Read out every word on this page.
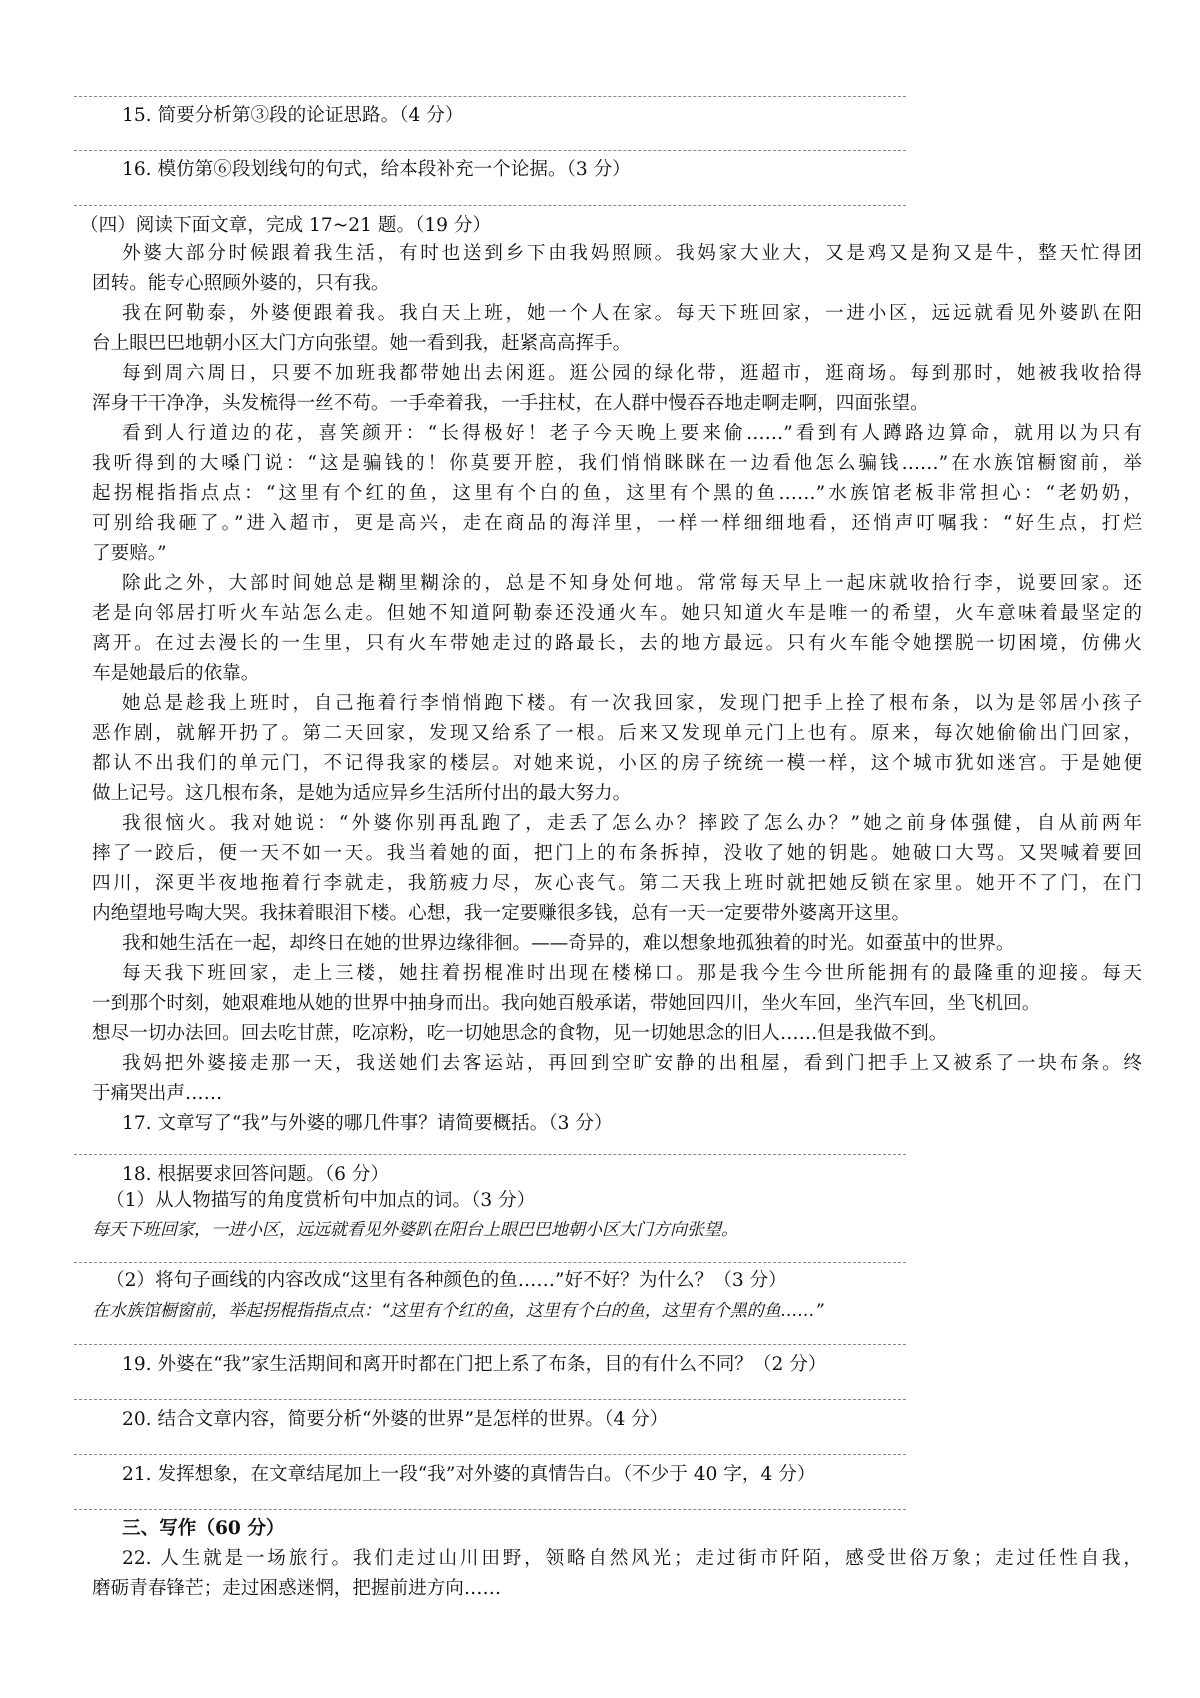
15. 简要分析第③段的论证思路。（4 分）
16. 模仿第⑥段划线句的句式，给本段补充一个论据。（3 分）
（四）阅读下面文章，完成 17~21 题。（19 分）
外婆大部分时候跟着我生活，有时也送到乡下由我妈照顾。我妈家大业大，又是鸡又是狗又是牛，整天忙得团
团转。能专心照顾外婆的，只有我。
我在阿勒泰，外婆便跟着我。我白天上班，她一个人在家。每天下班回家，一进小区，远远就看见外婆趴在阳
台上眼巴巴地朝小区大门方向张望。她一看到我，赶紧高高挥手。
每到周六周日，只要不加班我都带她出去闲逛。逛公园的绿化带，逛超市，逛商场。每到那时，她被我收拾得
浑身干干净净，头发梳得一丝不苟。一手牵着我，一手拄杖，在人群中慢吞吞地走啊走啊，四面张望。
看到人行道边的花，喜笑颜开：“长得极好！老子今天晚上要来偷……”看到有人蹲路边算命，就用以为只有
我听得到的大嗓门说：“这是骗钱的！你莫要开腔，我们悄悄眯眯在一边看他怎么骗钱……”在水族馆橱窗前，举
起拐棍指指点点：“这里有个红的鱼，这里有个白的鱼，这里有个黑的鱼……”水族馆老板非常担心：“老奶奶，
可别给我砸了。”进入超市，更是高兴，走在商品的海洋里，一样一样细细地看，还悄声叮嘱我：“好生点，打烂
了要赔。”
除此之外，大部时间她总是糊里糊涂的，总是不知身处何地。常常每天早上一起床就收拾行李，说要回家。还
老是向邻居打听火车站怎么走。但她不知道阿勒泰还没通火车。她只知道火车是唯一的希望，火车意味着最坚定的
离开。在过去漫长的一生里，只有火车带她走过的路最长，去的地方最远。只有火车能令她摆脱一切困境，仿佛火
车是她最后的依靠。
她总是趁我上班时，自己拖着行李悄悄跑下楼。有一次我回家，发现门把手上拴了根布条，以为是邻居小孩子
恶作剧，就解开扔了。第二天回家，发现又给系了一根。后来又发现单元门上也有。原来，每次她偷偷出门回家，
都认不出我们的单元门，不记得我家的楼层。对她来说，小区的房子统统一模一样，这个城市犹如迷宫。于是她便
做上记号。这几根布条，是她为适应异乡生活所付出的最大努力。
我很恼火。我对她说：“外婆你别再乱跑了，走丢了怎么办？摔跤了怎么办？”她之前身体强健，自从前两年
摔了一跤后，便一天不如一天。我当着她的面，把门上的布条拆掉，没收了她的钥匙。她破口大骂。又哭喊着要回
四川，深更半夜地拖着行李就走，我筋疲力尽，灰心丧气。第二天我上班时就把她反锁在家里。她开不了门，在门
内绝望地号啕大哭。我抹着眼泪下楼。心想，我一定要赚很多钱，总有一天一定要带外婆离开这里。
我和她生活在一起，却终日在她的世界边缘徘徊。——奇异的，难以想象地孤独着的时光。如蚕茧中的世界。
每天我下班回家，走上三楼，她拄着拐棍准时出现在楼梯口。那是我今生今世所能拥有的最隆重的迎接。每天
一到那个时刻，她艰难地从她的世界中抽身而出。我向她百般承诺，带她回四川，坐火车回，坐汽车回，坐飞机回。
想尽一切办法回。回去吃甘蔗，吃凉粉，吃一切她思念的食物，见一切她思念的旧人……但是我做不到。
我妈把外婆接走那一天，我送她们去客运站，再回到空旷安静的出租屋，看到门把手上又被系了一块布条。终
于痛哭出声……
17. 文章写了“我”与外婆的哪几件事？请简要概括。（3 分）
18. 根据要求回答问题。（6 分）
（1）从人物描写的角度赏析句中加点的词。（3 分）
每天下班回家，一进小区，远远就看见外婆趴在阳台上眼巴巴地朝小区大门方向张望。
（2）将句子画线的内容改成“这里有各种颜色的鱼……”好不好？为什么？（3 分）
在水族馆橱窗前，举起拐棍指指点点：“这里有个红的鱼，这里有个白的鱼，这里有个黑的鱼……”
19. 外婆在“我”家生活期间和离开时都在门把上系了布条，目的有什么不同？（2 分）
20. 结合文章内容，简要分析“外婆的世界”是怎样的世界。（4 分）
21. 发挥想象，在文章结尾加上一段“我”对外婆的真情告白。（不少于 40 字，4 分）
三、写作（60 分）
22. 人生就是一场旅行。我们走过山川田野，领略自然风光；走过街市阡陌，感受世俗万象；走过任性自我，
磨砺青春锋芒；走过困惑迷惘，把握前进方向……
